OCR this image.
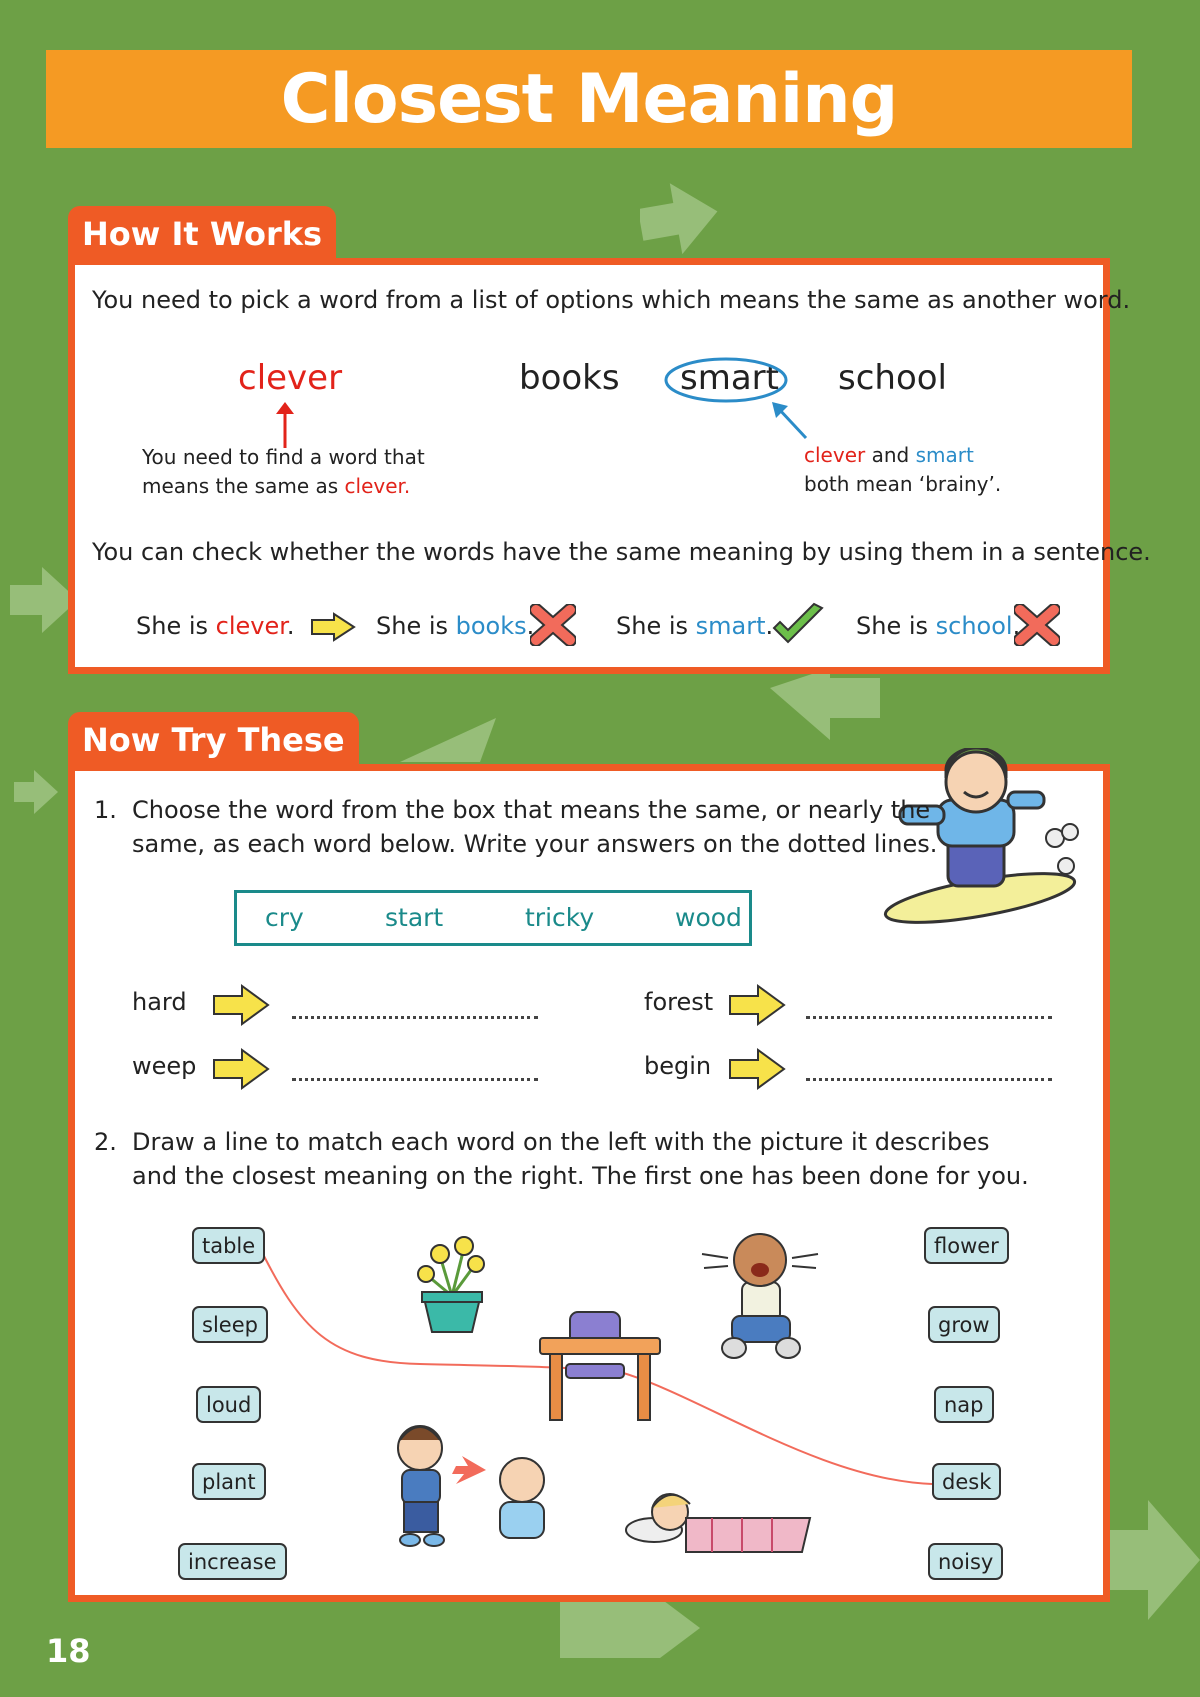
Closest Meaning
How It Works
You need to pick a word from a list of options which means the same as another word.
clever	books smart school
You need to find a word that
means the same as clever.
clever and smart
both mean ‘brainy’.
You can check whether the words have the same meaning by using them in a sentence.
She is clever.	She is books.	She is smart.	She is school.
Now Try These
1. Choose the word from the box that means the same, or nearly the
same, as each word below. Write your answers on the dotted lines.
cry	start	tricky	wood
hard	forest
weep	begin
2. Draw a line to match each word on the left with the picture it describes
and the closest meaning on the right. The first one has been done for you.
table
sleep
loud
plant
increase
flower
grow
nap
desk
noisy
18
